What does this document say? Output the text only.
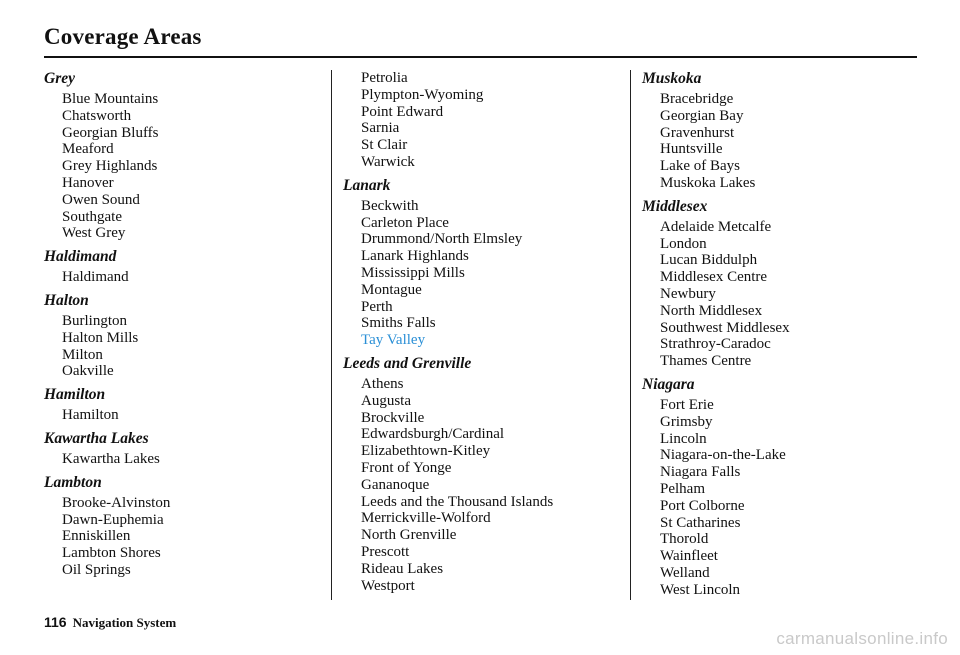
Coverage Areas
Grey
Blue Mountains
Chatsworth
Georgian Bluffs
Meaford
Grey Highlands
Hanover
Owen Sound
Southgate
West Grey
Haldimand
Haldimand
Halton
Burlington
Halton Mills
Milton
Oakville
Hamilton
Hamilton
Kawartha Lakes
Kawartha Lakes
Lambton
Brooke-Alvinston
Dawn-Euphemia
Enniskillen
Lambton Shores
Oil Springs
Petrolia
Plympton-Wyoming
Point Edward
Sarnia
St Clair
Warwick
Lanark
Beckwith
Carleton Place
Drummond/North Elmsley
Lanark Highlands
Mississippi Mills
Montague
Perth
Smiths Falls
Tay Valley
Leeds and Grenville
Athens
Augusta
Brockville
Edwardsburgh/Cardinal
Elizabethtown-Kitley
Front of Yonge
Gananoque
Leeds and the Thousand Islands
Merrickville-Wolford
North Grenville
Prescott
Rideau Lakes
Westport
Muskoka
Bracebridge
Georgian Bay
Gravenhurst
Huntsville
Lake of Bays
Muskoka Lakes
Middlesex
Adelaide Metcalfe
London
Lucan Biddulph
Middlesex Centre
Newbury
North Middlesex
Southwest Middlesex
Strathroy-Caradoc
Thames Centre
Niagara
Fort Erie
Grimsby
Lincoln
Niagara-on-the-Lake
Niagara Falls
Pelham
Port Colborne
St Catharines
Thorold
Wainfleet
Welland
West Lincoln
116 Navigation System
carmanualsonline.info
